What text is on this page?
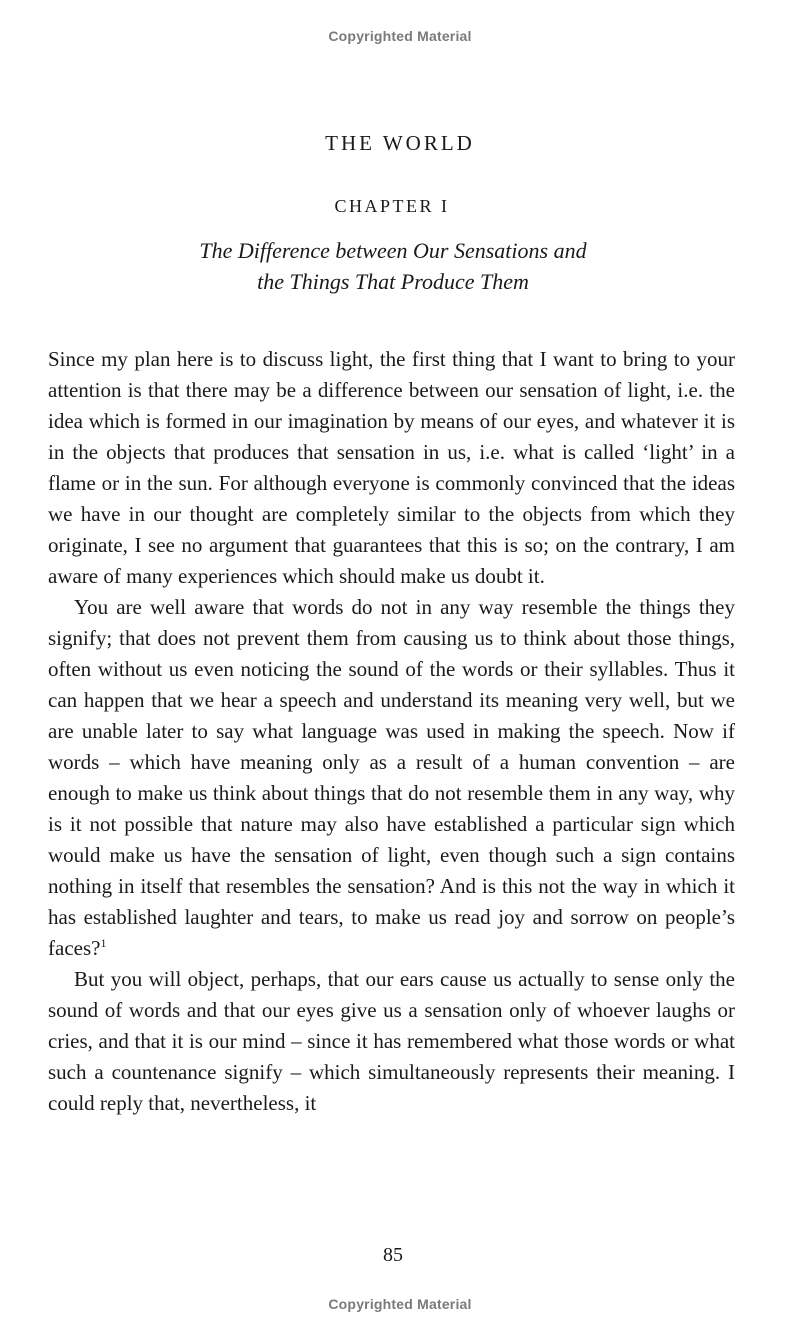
Copyrighted Material
THE WORLD
CHAPTER I
The Difference between Our Sensations and
the Things That Produce Them

Since my plan here is to discuss light, the first thing that I want to bring to your attention is that there may be a difference between our sensation of light, i.e. the idea which is formed in our imagination by means of our eyes, and whatever it is in the objects that produces that sensation in us, i.e. what is called ‘light’ in a flame or in the sun. For although everyone is commonly convinced that the ideas we have in our thought are completely similar to the objects from which they originate, I see no argument that guarantees that this is so; on the contrary, I am aware of many experiences which should make us doubt it.

You are well aware that words do not in any way resemble the things they signify; that does not prevent them from causing us to think about those things, often without us even noticing the sound of the words or their syllables. Thus it can happen that we hear a speech and understand its meaning very well, but we are unable later to say what language was used in making the speech. Now if words – which have meaning only as a result of a human convention – are enough to make us think about things that do not resemble them in any way, why is it not possible that nature may also have established a particular sign which would make us have the sensation of light, even though such a sign contains nothing in itself that resembles the sensation? And is this not the way in which it has established laughter and tears, to make us read joy and sorrow on people’s faces?$^1$

But you will object, perhaps, that our ears cause us actually to sense only the sound of words and that our eyes give us a sensation only of whoever laughs or cries, and that it is our mind – since it has remembered what those words or what such a countenance signify – which simultaneously represents their meaning. I could reply that, nevertheless, it

85
Copyrighted Material
